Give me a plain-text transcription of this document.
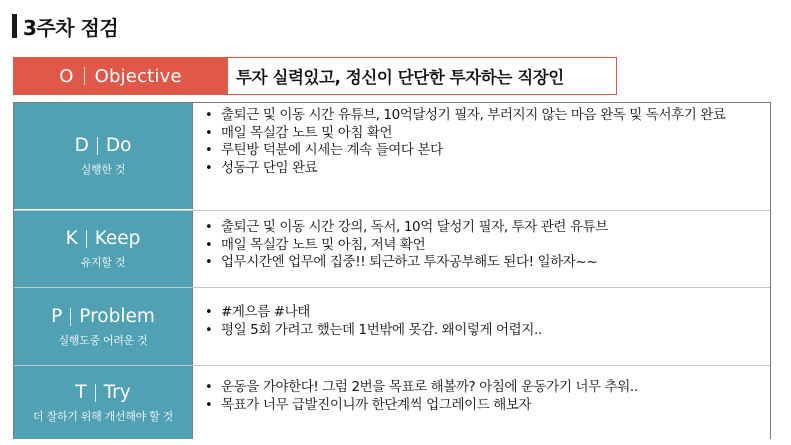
3주차 점검
O Objective	투자 실력있고, 정신이 단단한 투자하는 직장인
D Do
실행한 것
• 출퇴근 및 이동 시간 유튜브, 10억달성기 필자, 부러지지 않는 마음 완독 및 독서후기 완료
• 매일 목실감 노트 및 아침 확언
• 루틴방 덕분에 시세는 계속 들여다 본다
• 성동구 단임 완료
K Keep
유지할 것
• 출퇴근 및 이동 시간 강의, 독서, 10억 달성기 필자, 투자 관련 유튜브
• 매일 목실감 노트 및 아침, 저녁 확언
• 업무시간엔 업무에 집중!! 퇴근하고 투자공부해도 된다! 일하자~~
P Problem
실행도중 어려운 것
• #게으름 #나태
• 평일 5회 가려고 했는데 1번밖에 못감. 왜이렇게 어렵지..
T Try
더 잘하기 위해 개선해야 할 것
• 운동을 가야한다! 그럼 2번을 목표로 해볼까? 아침에 운동가기 너무 추워..
• 목표가 너무 급발진이니까 한단계씩 업그레이드 해보자
